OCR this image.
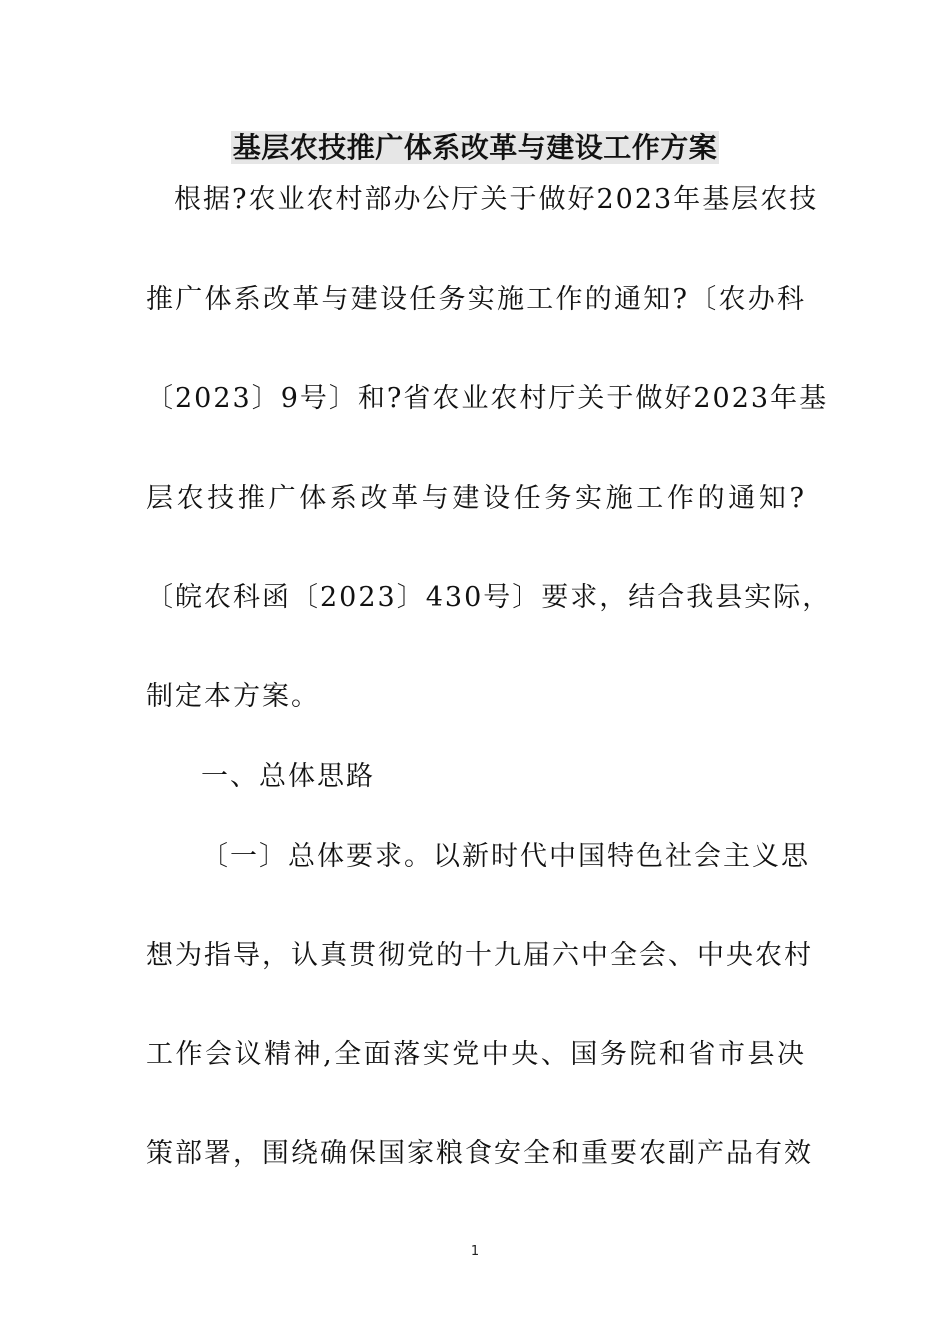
基层农技推广体系改革与建设工作方案
根据?农业农村部办公厅关于做好2023年基层农技
推广体系改革与建设任务实施工作的通知?〔农办科
〔2023〕9号〕和?省农业农村厅关于做好2023年基
层农技推广体系改革与建设任务实施工作的通知?
〔皖农科函〔2023〕430号〕要求，结合我县实际，
制定本方案。
一、总体思路
〔一〕总体要求。以新时代中国特色社会主义思
想为指导，认真贯彻党的十九届六中全会、中央农村
工作会议精神,全面落实党中央、国务院和省市县决
策部署，围绕确保国家粮食安全和重要农副产品有效
1
